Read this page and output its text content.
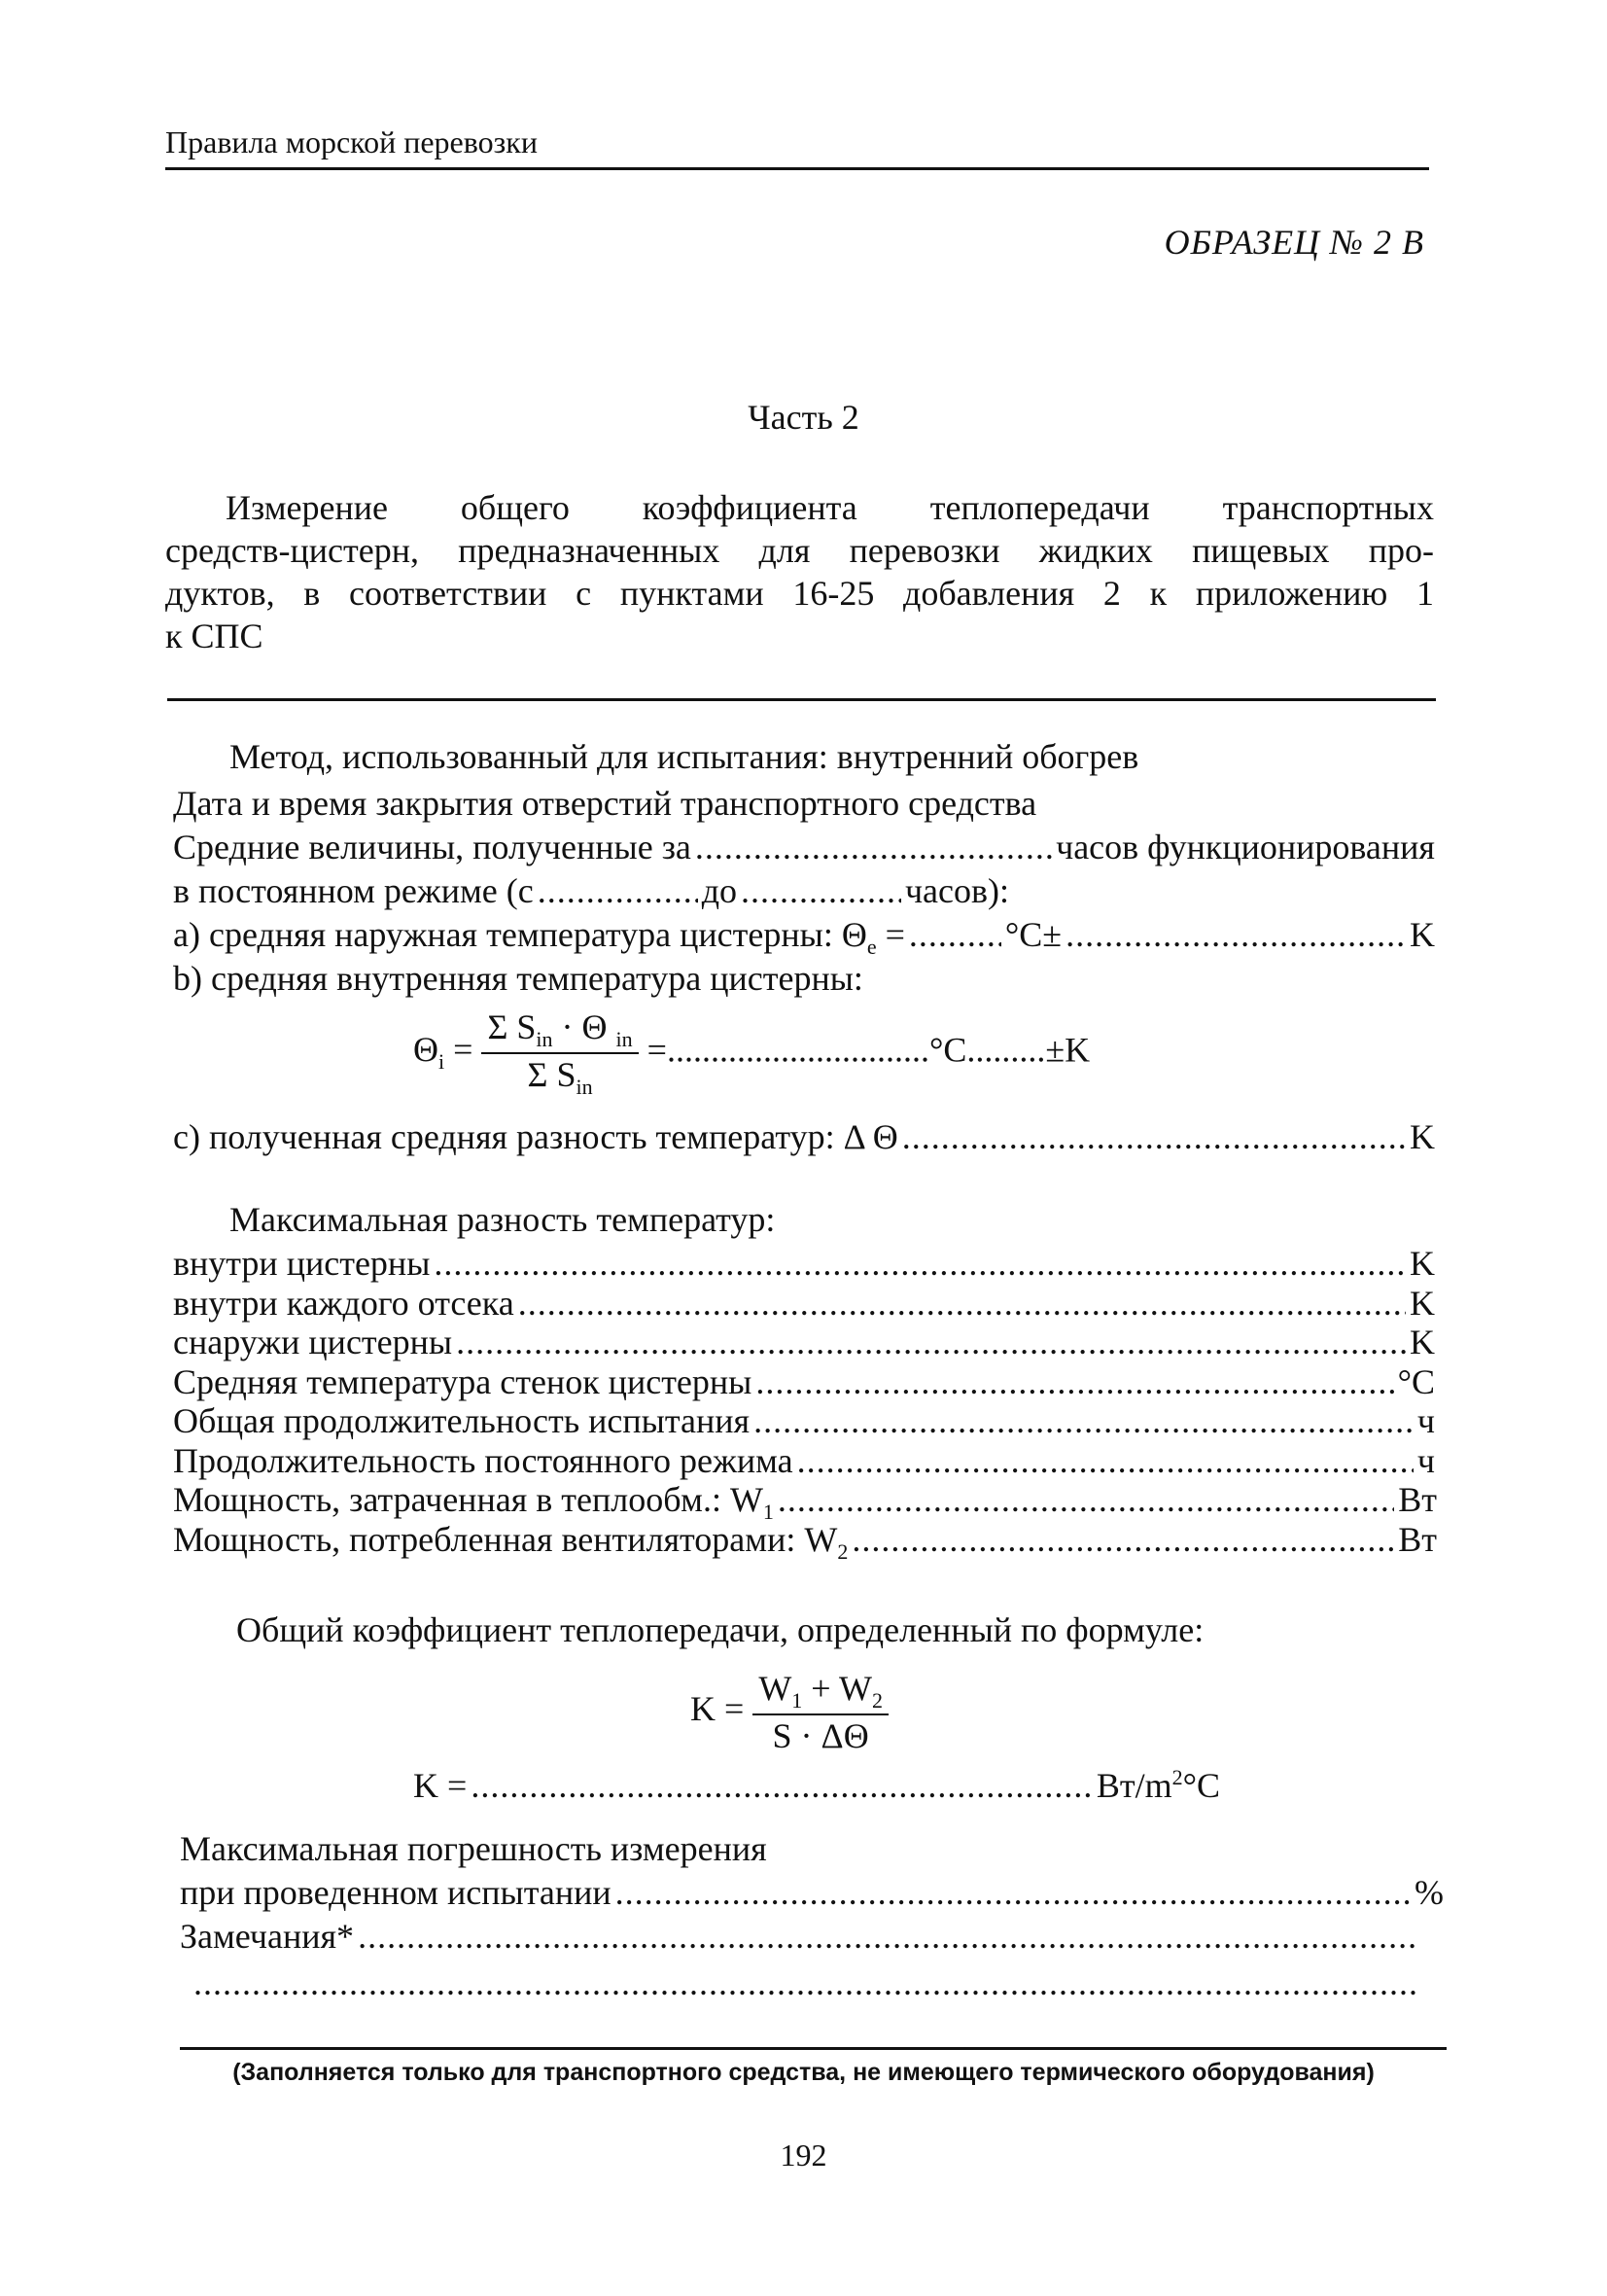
Правила морской перевозки
ОБРАЗЕЦ № 2 B
Часть 2
Измерение общего коэффициента теплопередачи транспортных
средств-цистерн, предназначенных для перевозки жидких пищевых про-
дуктов, в соответствии с пунктами 16-25 добавления 2 к приложению 1
к СПС
Метод, использованный для испытания: внутренний обогрев
Дата и время закрытия отверстий транспортного средства
Средние величины, полученные за .....	часов функционирования
в постоянном режиме (с .....	до .....	часов):
a) средняя наружная температура цистерны: $\Theta_e$ = .....	°C± .....	K
b) средняя внутренняя температура цистерны:
$\Theta_i = \frac{\Sigma S_{in} \cdot \Theta _{in}}{\Sigma S_{in}} =..............................^\circ C.........\pm K$
c) полученная средняя разность температур: Δ Θ .....	K
Максимальная разность температур:
внутри цистерны .....	K
внутри каждого отсека .....	K
снаружи цистерны .....	K
Средняя температура стенок цистерны .....	°C
Общая продолжительность испытания .....	ч
Продолжительность постоянного режима .....	ч
Мощность, затраченная в теплообм.: $W_1$ .....	Вт
Мощность, потребленная вентиляторами: $W_2$ .....	Вт
Общий коэффициент теплопередачи, определенный по формуле:
$K = \frac{W_1 + W_2}{S \cdot \Delta\Theta}$
K = .....	$Вт/m^2^\circ C$
Максимальная погрешность измерения
при проведенном испытании .....	%
Замечания*
.....
.....
(Заполняется только для транспортного средства, не имеющего термического оборудования)
192
